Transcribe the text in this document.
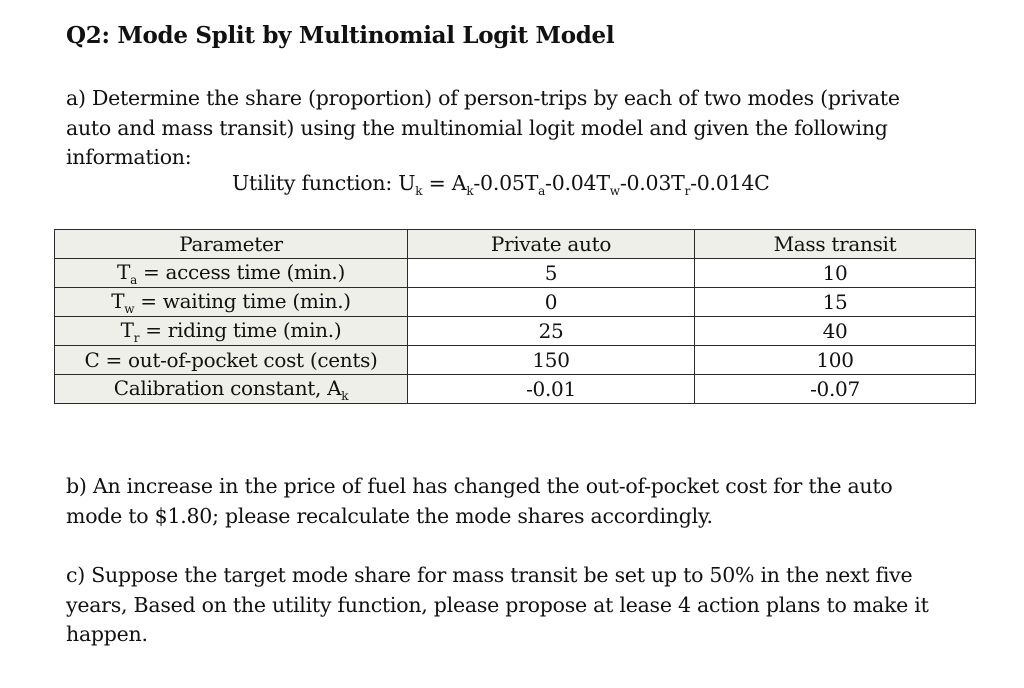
Q2: Mode Split by Multinomial Logit Model
a) Determine the share (proportion) of person-trips by each of two modes (private
auto and mass transit) using the multinomial logit model and given the following
information:
Utility function: $U_k = A_k-0.05T_a-0.04T_w-0.03T_r-0.014C$
Parameter	Private auto	Mass transit
$T_a$ = access time (min.)	5	10
$T_w$ = waiting time (min.)	0	15
$T_r$ = riding time (min.)	25	40
C = out-of-pocket cost (cents)	150	100
Calibration constant, $A_k$	-0.01	-0.07
b) An increase in the price of fuel has changed the out-of-pocket cost for the auto
mode to $1.80; please recalculate the mode shares accordingly.
c) Suppose the target mode share for mass transit be set up to 50% in the next five
years, Based on the utility function, please propose at lease 4 action plans to make it
happen.
